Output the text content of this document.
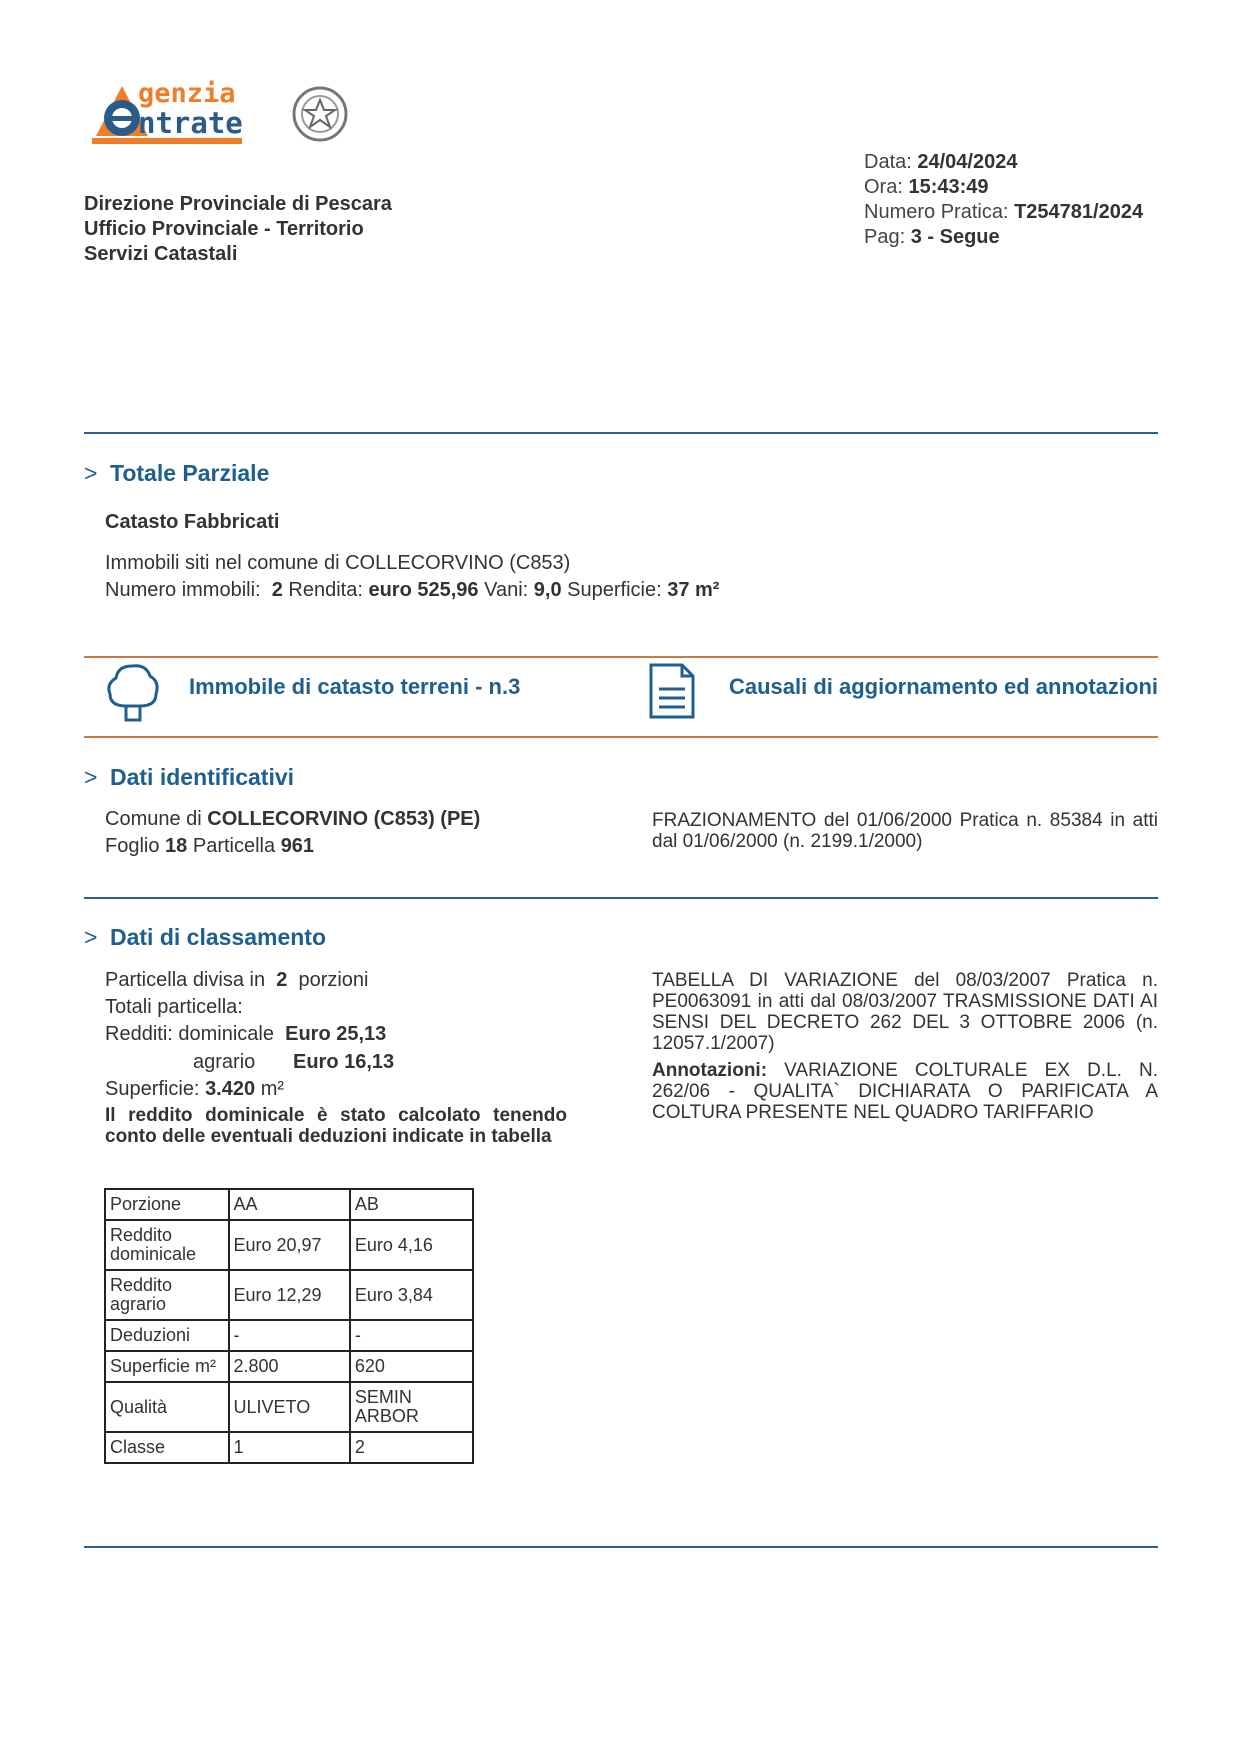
genzia
ntrate
Direzione Provinciale di Pescara
Ufficio Provinciale - Territorio
Servizi Catastali
Data: 24/04/2024
Ora: 15:43:49
Numero Pratica: T254781/2024
Pag: 3 - Segue
> Totale Parziale
Catasto Fabbricati
Immobili siti nel comune di COLLECORVINO (C853)
Numero immobili: 2 Rendita: euro 525,96 Vani: 9,0 Superficie: 37 m²
Immobile di catasto terreni - n.3	Causali di aggiornamento ed annotazioni
> Dati identificativi
Comune di COLLECORVINO (C853) (PE)
Foglio 18 Particella 961
FRAZIONAMENTO del 01/06/2000 Pratica n. 85384 in atti dal 01/06/2000 (n. 2199.1/2000)
> Dati di classamento
Particella divisa in 2 porzioni
Totali particella:
Redditi: dominicale Euro 25,13
agrario Euro 16,13
Superficie: 3.420 m²
Il reddito dominicale è stato calcolato tenendo conto delle eventuali deduzioni indicate in tabella
TABELLA DI VARIAZIONE del 08/03/2007 Pratica n. PE0063091 in atti dal 08/03/2007 TRASMISSIONE DATI AI SENSI DEL DECRETO 262 DEL 3 OTTOBRE 2006 (n. 12057.1/2007)
Annotazioni: VARIAZIONE COLTURALE EX D.L. N. 262/06 - QUALITA` DICHIARATA O PARIFICATA A COLTURA PRESENTE NEL QUADRO TARIFFARIO
Porzione	AA	AB
Reddito dominicale	Euro 20,97	Euro 4,16
Reddito agrario	Euro 12,29	Euro 3,84
Deduzioni	-	-
Superficie m²	2.800	620
Qualità	ULIVETO	SEMIN ARBOR
Classe	1	2
